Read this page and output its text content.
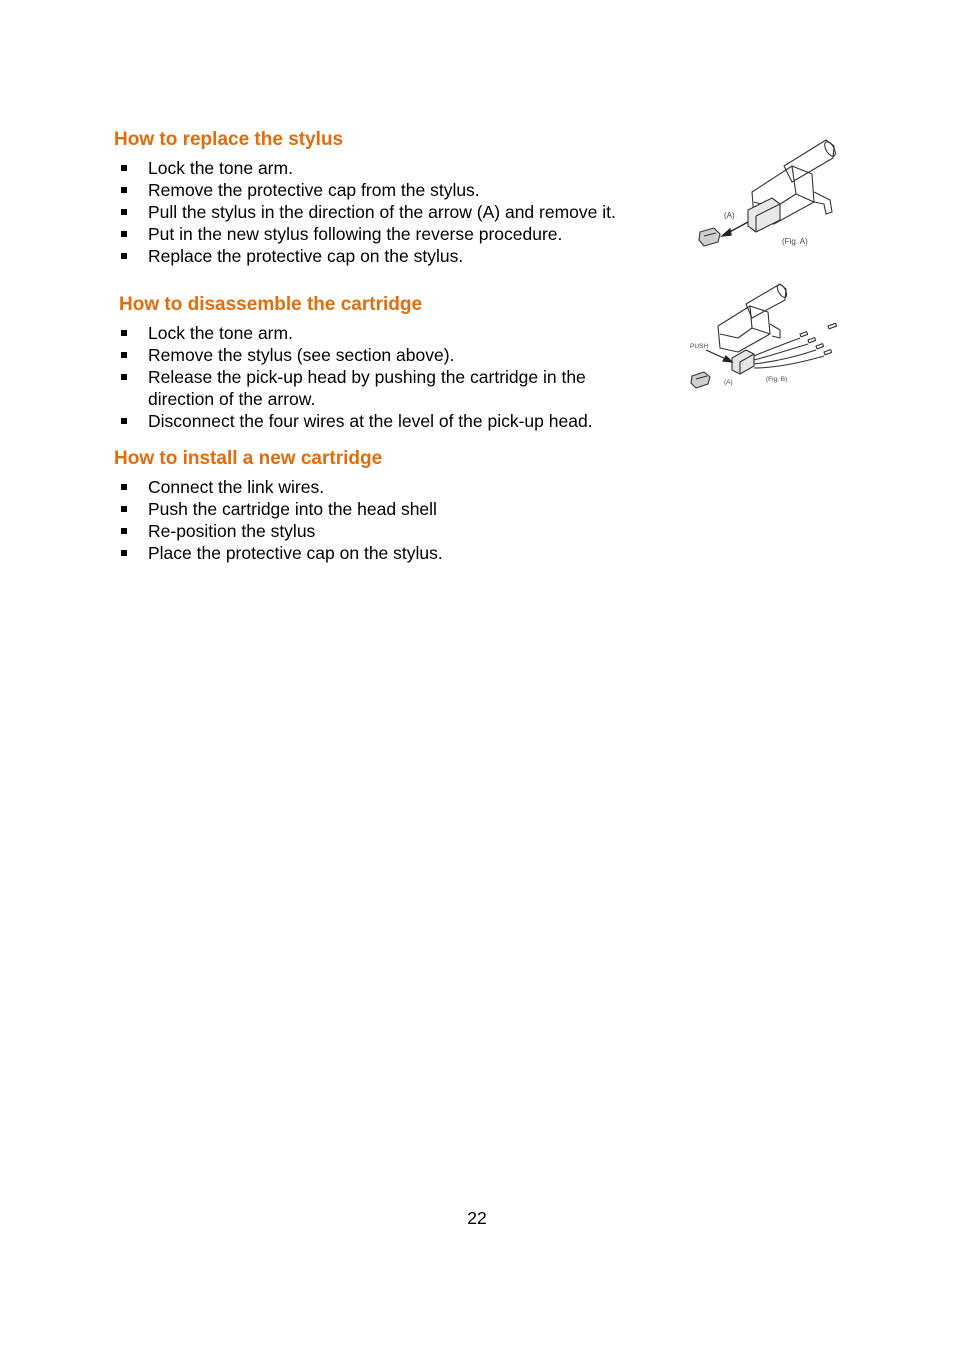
How to replace the stylus
Lock the tone arm.
Remove the protective cap from the stylus.
Pull the stylus in the direction of the arrow (A) and remove it.
Put in the new stylus following the reverse procedure.
Replace the protective cap on the stylus.
How to disassemble the cartridge
Lock the tone arm.
Remove the stylus (see section above).
Release the pick-up head by pushing the cartridge in the direction of the arrow.
Disconnect the four wires at the level of the pick-up head.
How to install a new cartridge
Connect the link wires.
Push the cartridge into the head shell
Re-position the stylus
Place the protective cap on the stylus.
(A)
(Fig. A)
PUSH
(A)	(Fig. B)
22
